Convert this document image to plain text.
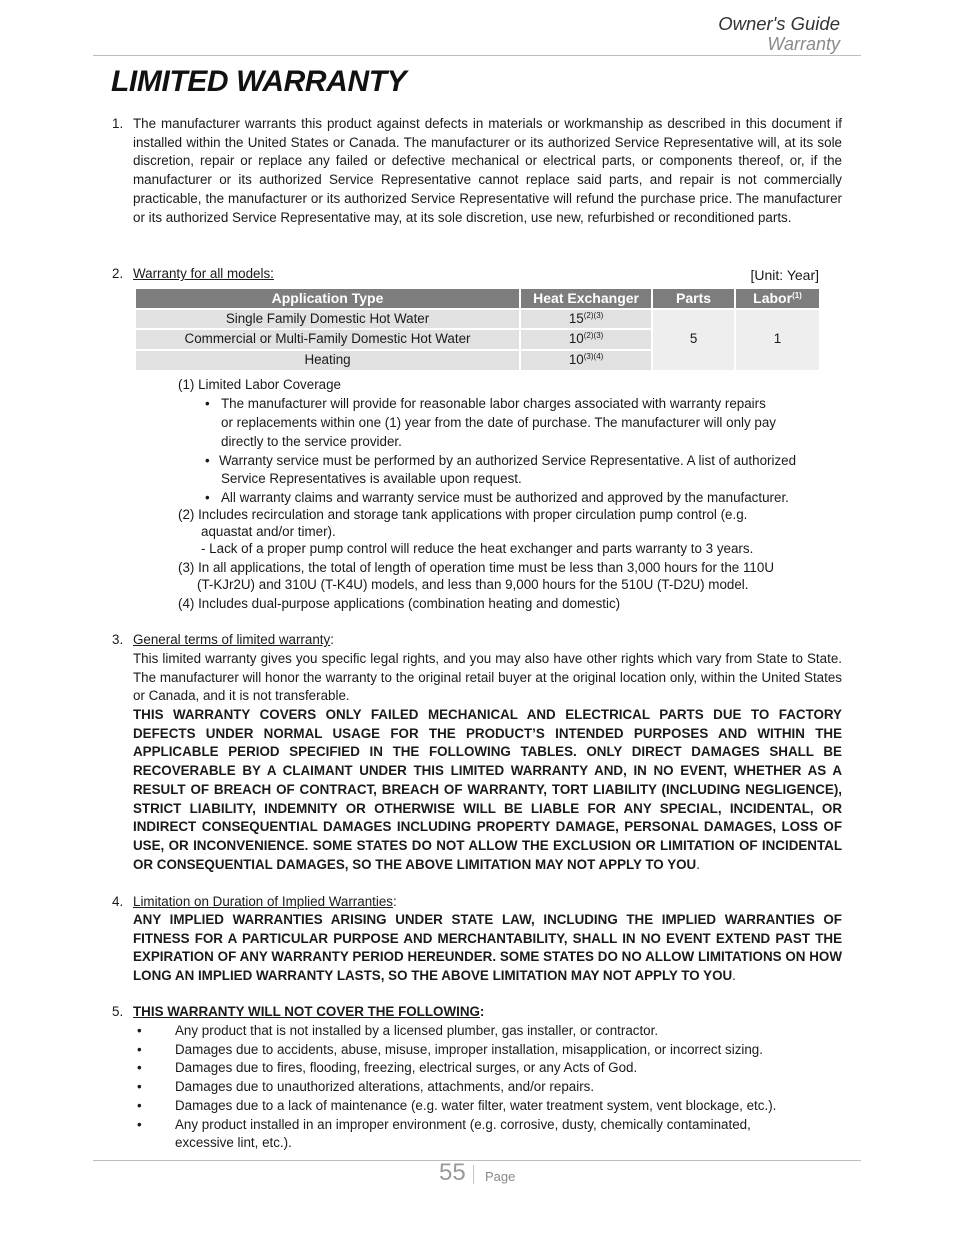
Owner's Guide
Warranty
LIMITED WARRANTY
1. The manufacturer warrants this product against defects in materials or workmanship as described in this document if installed within the United States or Canada. The manufacturer or its authorized Service Representative will, at its sole discretion, repair or replace any failed or defective mechanical or electrical parts, or components thereof, or, if the manufacturer or its authorized Service Representative cannot replace said parts, and repair is not commercially practicable, the manufacturer or its authorized Service Representative will refund the purchase price. The manufacturer or its authorized Service Representative may, at its sole discretion, use new, refurbished or reconditioned parts.
2. Warranty for all models:	[Unit: Year]
Application Type	Heat Exchanger	Parts	Labor$^{(1)}$
Single Family Domestic Hot Water	$15^{(2)(3)}$	5	1
Commercial or Multi-Family Domestic Hot Water	$10^{(2)(3)}$
Heating	$10^{(3)(4)}$
(1) Limited Labor Coverage
• The manufacturer will provide for reasonable labor charges associated with warranty repairs
or replacements within one (1) year from the date of purchase. The manufacturer will only pay
directly to the service provider.
• Warranty service must be performed by an authorized Service Representative. A list of authorized
Service Representatives is available upon request.
• All warranty claims and warranty service must be authorized and approved by the manufacturer.
(2) Includes recirculation and storage tank applications with proper circulation pump control (e.g.
aquastat and/or timer).
- Lack of a proper pump control will reduce the heat exchanger and parts warranty to 3 years.
(3) In all applications, the total of length of operation time must be less than 3,000 hours for the 110U
(T-KJr2U) and 310U (T-K4U) models, and less than 9,000 hours for the 510U (T-D2U) model.
(4) Includes dual-purpose applications (combination heating and domestic)
3. General terms of limited warranty:
This limited warranty gives you specific legal rights, and you may also have other rights which vary from State to State. The manufacturer will honor the warranty to the original retail buyer at the original location only, within the United States or Canada, and it is not transferable.
THIS WARRANTY COVERS ONLY FAILED MECHANICAL AND ELECTRICAL PARTS DUE TO FACTORY DEFECTS UNDER NORMAL USAGE FOR THE PRODUCT’S INTENDED PURPOSES AND WITHIN THE APPLICABLE PERIOD SPECIFIED IN THE FOLLOWING TABLES. ONLY DIRECT DAMAGES SHALL BE RECOVERABLE BY A CLAIMANT UNDER THIS LIMITED WARRANTY AND, IN NO EVENT, WHETHER AS A RESULT OF BREACH OF CONTRACT, BREACH OF WARRANTY, TORT LIABILITY (INCLUDING NEGLIGENCE), STRICT LIABILITY, INDEMNITY OR OTHERWISE WILL BE LIABLE FOR ANY SPECIAL, INCIDENTAL, OR INDIRECT CONSEQUENTIAL DAMAGES INCLUDING PROPERTY DAMAGE, PERSONAL DAMAGES, LOSS OF USE, OR INCONVENIENCE. SOME STATES DO NOT ALLOW THE EXCLUSION OR LIMITATION OF INCIDENTAL OR CONSEQUENTIAL DAMAGES, SO THE ABOVE LIMITATION MAY NOT APPLY TO YOU.
4. Limitation on Duration of Implied Warranties:
ANY IMPLIED WARRANTIES ARISING UNDER STATE LAW, INCLUDING THE IMPLIED WARRANTIES OF FITNESS FOR A PARTICULAR PURPOSE AND MERCHANTABILITY, SHALL IN NO EVENT EXTEND PAST THE EXPIRATION OF ANY WARRANTY PERIOD HEREUNDER. SOME STATES DO NO ALLOW LIMITATIONS ON HOW LONG AN IMPLIED WARRANTY LASTS, SO THE ABOVE LIMITATION MAY NOT APPLY TO YOU.
5. THIS WARRANTY WILL NOT COVER THE FOLLOWING:
• Any product that is not installed by a licensed plumber, gas installer, or contractor.
• Damages due to accidents, abuse, misuse, improper installation, misapplication, or incorrect sizing.
• Damages due to fires, flooding, freezing, electrical surges, or any Acts of God.
• Damages due to unauthorized alterations, attachments, and/or repairs.
• Damages due to a lack of maintenance (e.g. water filter, water treatment system, vent blockage, etc.).
• Any product installed in an improper environment (e.g. corrosive, dusty, chemically contaminated,
excessive lint, etc.).
55 Page
